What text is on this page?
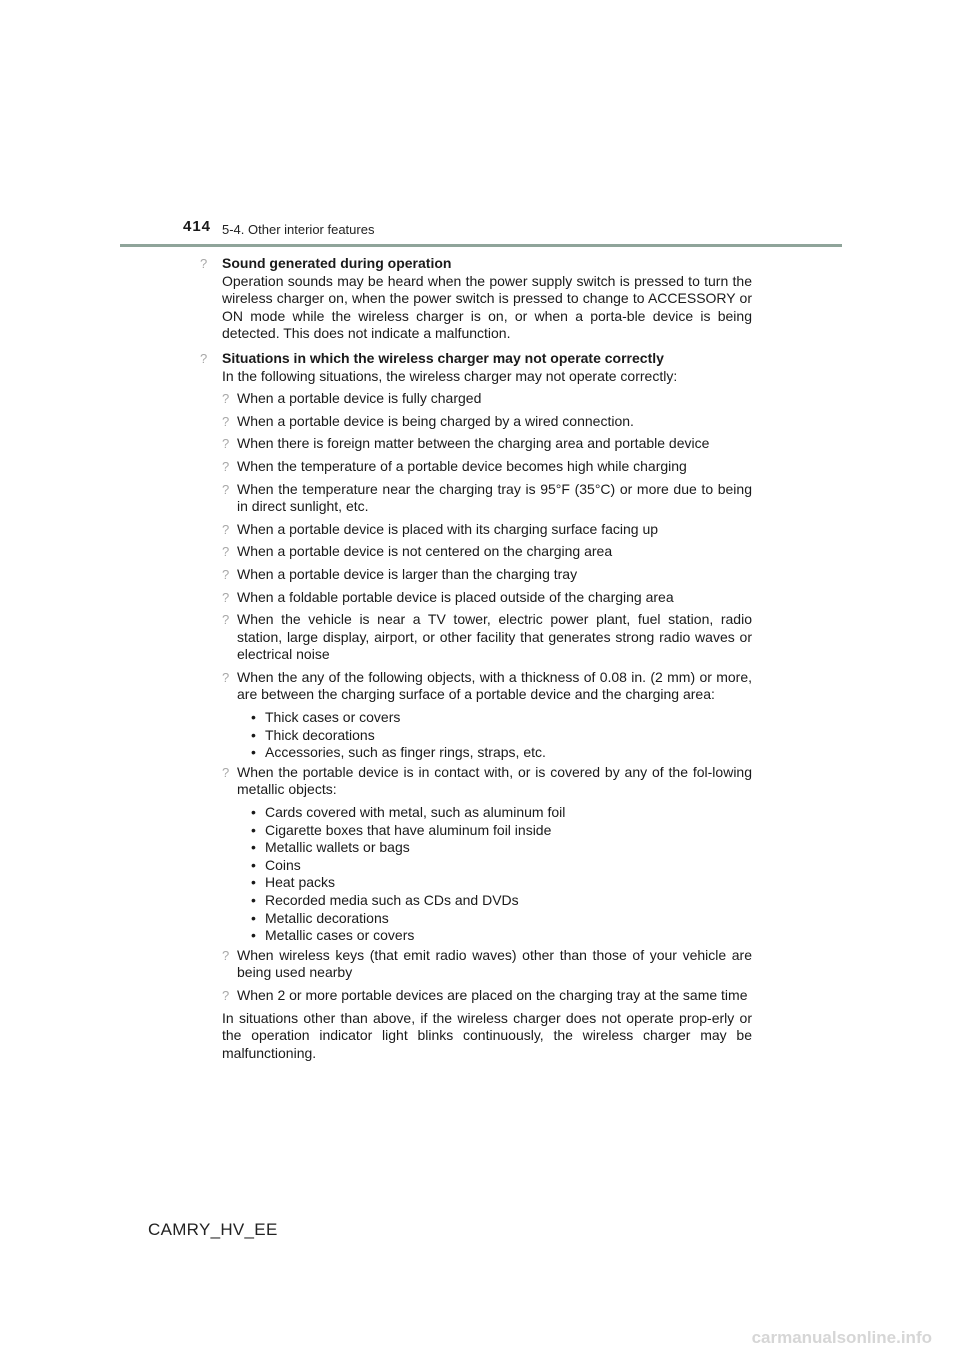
414 5-4. Other interior features
?	Sound generated during operation
Operation sounds may be heard when the power supply switch is pressed to turn the wireless charger on, when the power switch is pressed to change to ACCESSORY or ON mode while the wireless charger is on, or when a porta-ble device is being detected. This does not indicate a malfunction.
?	Situations in which the wireless charger may not operate correctly
In the following situations, the wireless charger may not operate correctly:
? When a portable device is fully charged
? When a portable device is being charged by a wired connection.
? When there is foreign matter between the charging area and portable device
? When the temperature of a portable device becomes high while charging
? When the temperature near the charging tray is 95°F (35°C) or more due to being in direct sunlight, etc.
? When a portable device is placed with its charging surface facing up
? When a portable device is not centered on the charging area
? When a portable device is larger than the charging tray
? When a foldable portable device is placed outside of the charging area
? When the vehicle is near a TV tower, electric power plant, fuel station, radio station, large display, airport, or other facility that generates strong radio waves or electrical noise
? When the any of the following objects, with a thickness of 0.08 in. (2 mm) or more, are between the charging surface of a portable device and the charging area:
• Thick cases or covers
• Thick decorations
• Accessories, such as finger rings, straps, etc.
? When the portable device is in contact with, or is covered by any of the fol-lowing metallic objects:
• Cards covered with metal, such as aluminum foil
• Cigarette boxes that have aluminum foil inside
• Metallic wallets or bags
• Coins
• Heat packs
• Recorded media such as CDs and DVDs
• Metallic decorations
• Metallic cases or covers
? When wireless keys (that emit radio waves) other than those of your vehicle are being used nearby
? When 2 or more portable devices are placed on the charging tray at the same time
In situations other than above, if the wireless charger does not operate prop-erly or the operation indicator light blinks continuously, the wireless charger may be malfunctioning.
CAMRY_HV_EE
carmanualsonline.info
